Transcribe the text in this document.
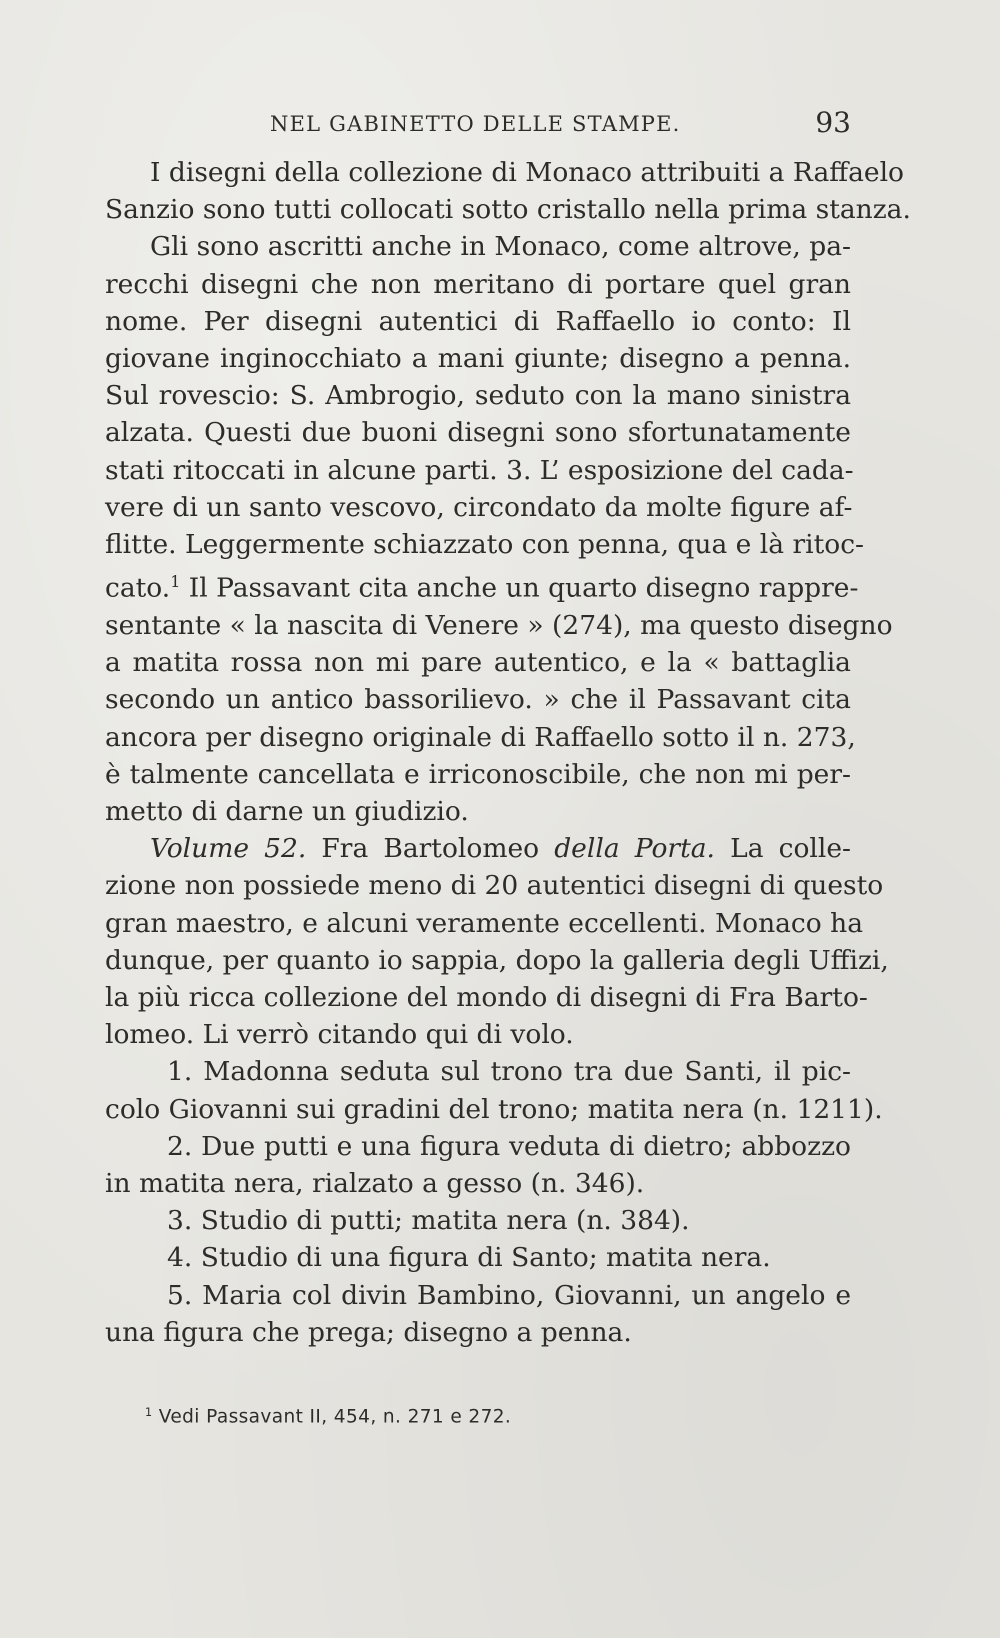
NEL GABINETTO DELLE STAMPE.	93
I disegni della collezione di Monaco attribuiti a Raffaelo
Sanzio sono tutti collocati sotto cristallo nella prima stanza.
Gli sono ascritti anche in Monaco, come altrove, pa-
recchi disegni che non meritano di portare quel gran
nome. Per disegni autentici di Raffaello io conto: Il
giovane inginocchiato a mani giunte; disegno a penna.
Sul rovescio: S. Ambrogio, seduto con la mano sinistra
alzata. Questi due buoni disegni sono sfortunatamente
stati ritoccati in alcune parti. 3. L’ esposizione del cada-
vere di un santo vescovo, circondato da molte figure af-
flitte. Leggermente schiazzato con penna, qua e là ritoc-
cato.$^1$ Il Passavant cita anche un quarto disegno rappre-
sentante « la nascita di Venere » (274), ma questo disegno
a matita rossa non mi pare autentico, e la « battaglia
secondo un antico bassorilievo. » che il Passavant cita
ancora per disegno originale di Raffaello sotto il n. 273,
è talmente cancellata e irriconoscibile, che non mi per-
metto di darne un giudizio.
Volume 52. Fra Bartolomeo della Porta. La colle-
zione non possiede meno di 20 autentici disegni di questo
gran maestro, e alcuni veramente eccellenti. Monaco ha
dunque, per quanto io sappia, dopo la galleria degli Uffizi,
la più ricca collezione del mondo di disegni di Fra Barto-
lomeo. Li verrò citando qui di volo.
1. Madonna seduta sul trono tra due Santi, il pic-
colo Giovanni sui gradini del trono; matita nera (n. 1211).
2. Due putti e una figura veduta di dietro; abbozzo
in matita nera, rialzato a gesso (n. 346).
3. Studio di putti; matita nera (n. 384).
4. Studio di una figura di Santo; matita nera.
5. Maria col divin Bambino, Giovanni, un angelo e
una figura che prega; disegno a penna.
$^1$ Vedi Passavant II, 454, n. 271 e 272.
